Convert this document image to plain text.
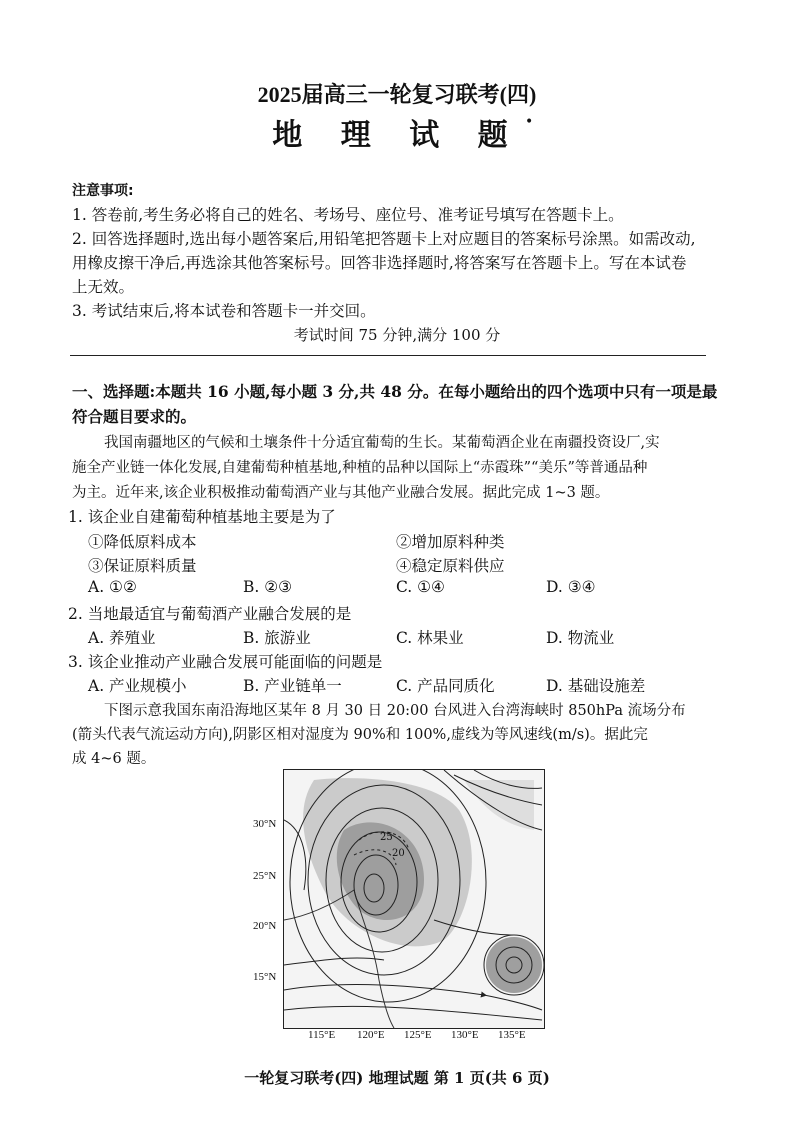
2025届高三一轮复习联考(四)
地 理 试 题 •
注意事项:
1. 答卷前,考生务必将自己的姓名、考场号、座位号、准考证号填写在答题卡上。
2. 回答选择题时,选出每小题答案后,用铅笔把答题卡上对应题目的答案标号涂黑。如需改动,
用橡皮擦干净后,再选涂其他答案标号。回答非选择题时,将答案写在答题卡上。写在本试卷
上无效。
3. 考试结束后,将本试卷和答题卡一并交回。
考试时间 75 分钟,满分 100 分
一、选择题:本题共 16 小题,每小题 3 分,共 48 分。在每小题给出的四个选项中只有一项是最
符合题目要求的。
我国南疆地区的气候和土壤条件十分适宜葡萄的生长。某葡萄酒企业在南疆投资设厂,实
施全产业链一体化发展,自建葡萄种植基地,种植的品种以国际上“赤霞珠”“美乐”等普通品种
为主。近年来,该企业积极推动葡萄酒产业与其他产业融合发展。据此完成 1~3 题。
1. 该企业自建葡萄种植基地主要是为了
①降低原料成本	②增加原料种类
③保证原料质量	④稳定原料供应
A. ①②	B. ②③	C. ①④	D. ③④
2. 当地最适宜与葡萄酒产业融合发展的是
A. 养殖业	B. 旅游业	C. 林果业	D. 物流业
3. 该企业推动产业融合发展可能面临的问题是
A. 产业规模小	B. 产业链单一	C. 产品同质化	D. 基础设施差
下图示意我国东南沿海地区某年 8 月 30 日 20:00 台风进入台湾海峡时 850hPa 流场分布
(箭头代表气流运动方向),阴影区相对湿度为 90%和 100%,虚线为等风速线(m/s)。据此完
成 4~6 题。
30°N
25°N
20°N
15°N
25
20
115°E 120°E 125°E 130°E 135°E
一轮复习联考(四) 地理试题 第 1 页(共 6 页)
